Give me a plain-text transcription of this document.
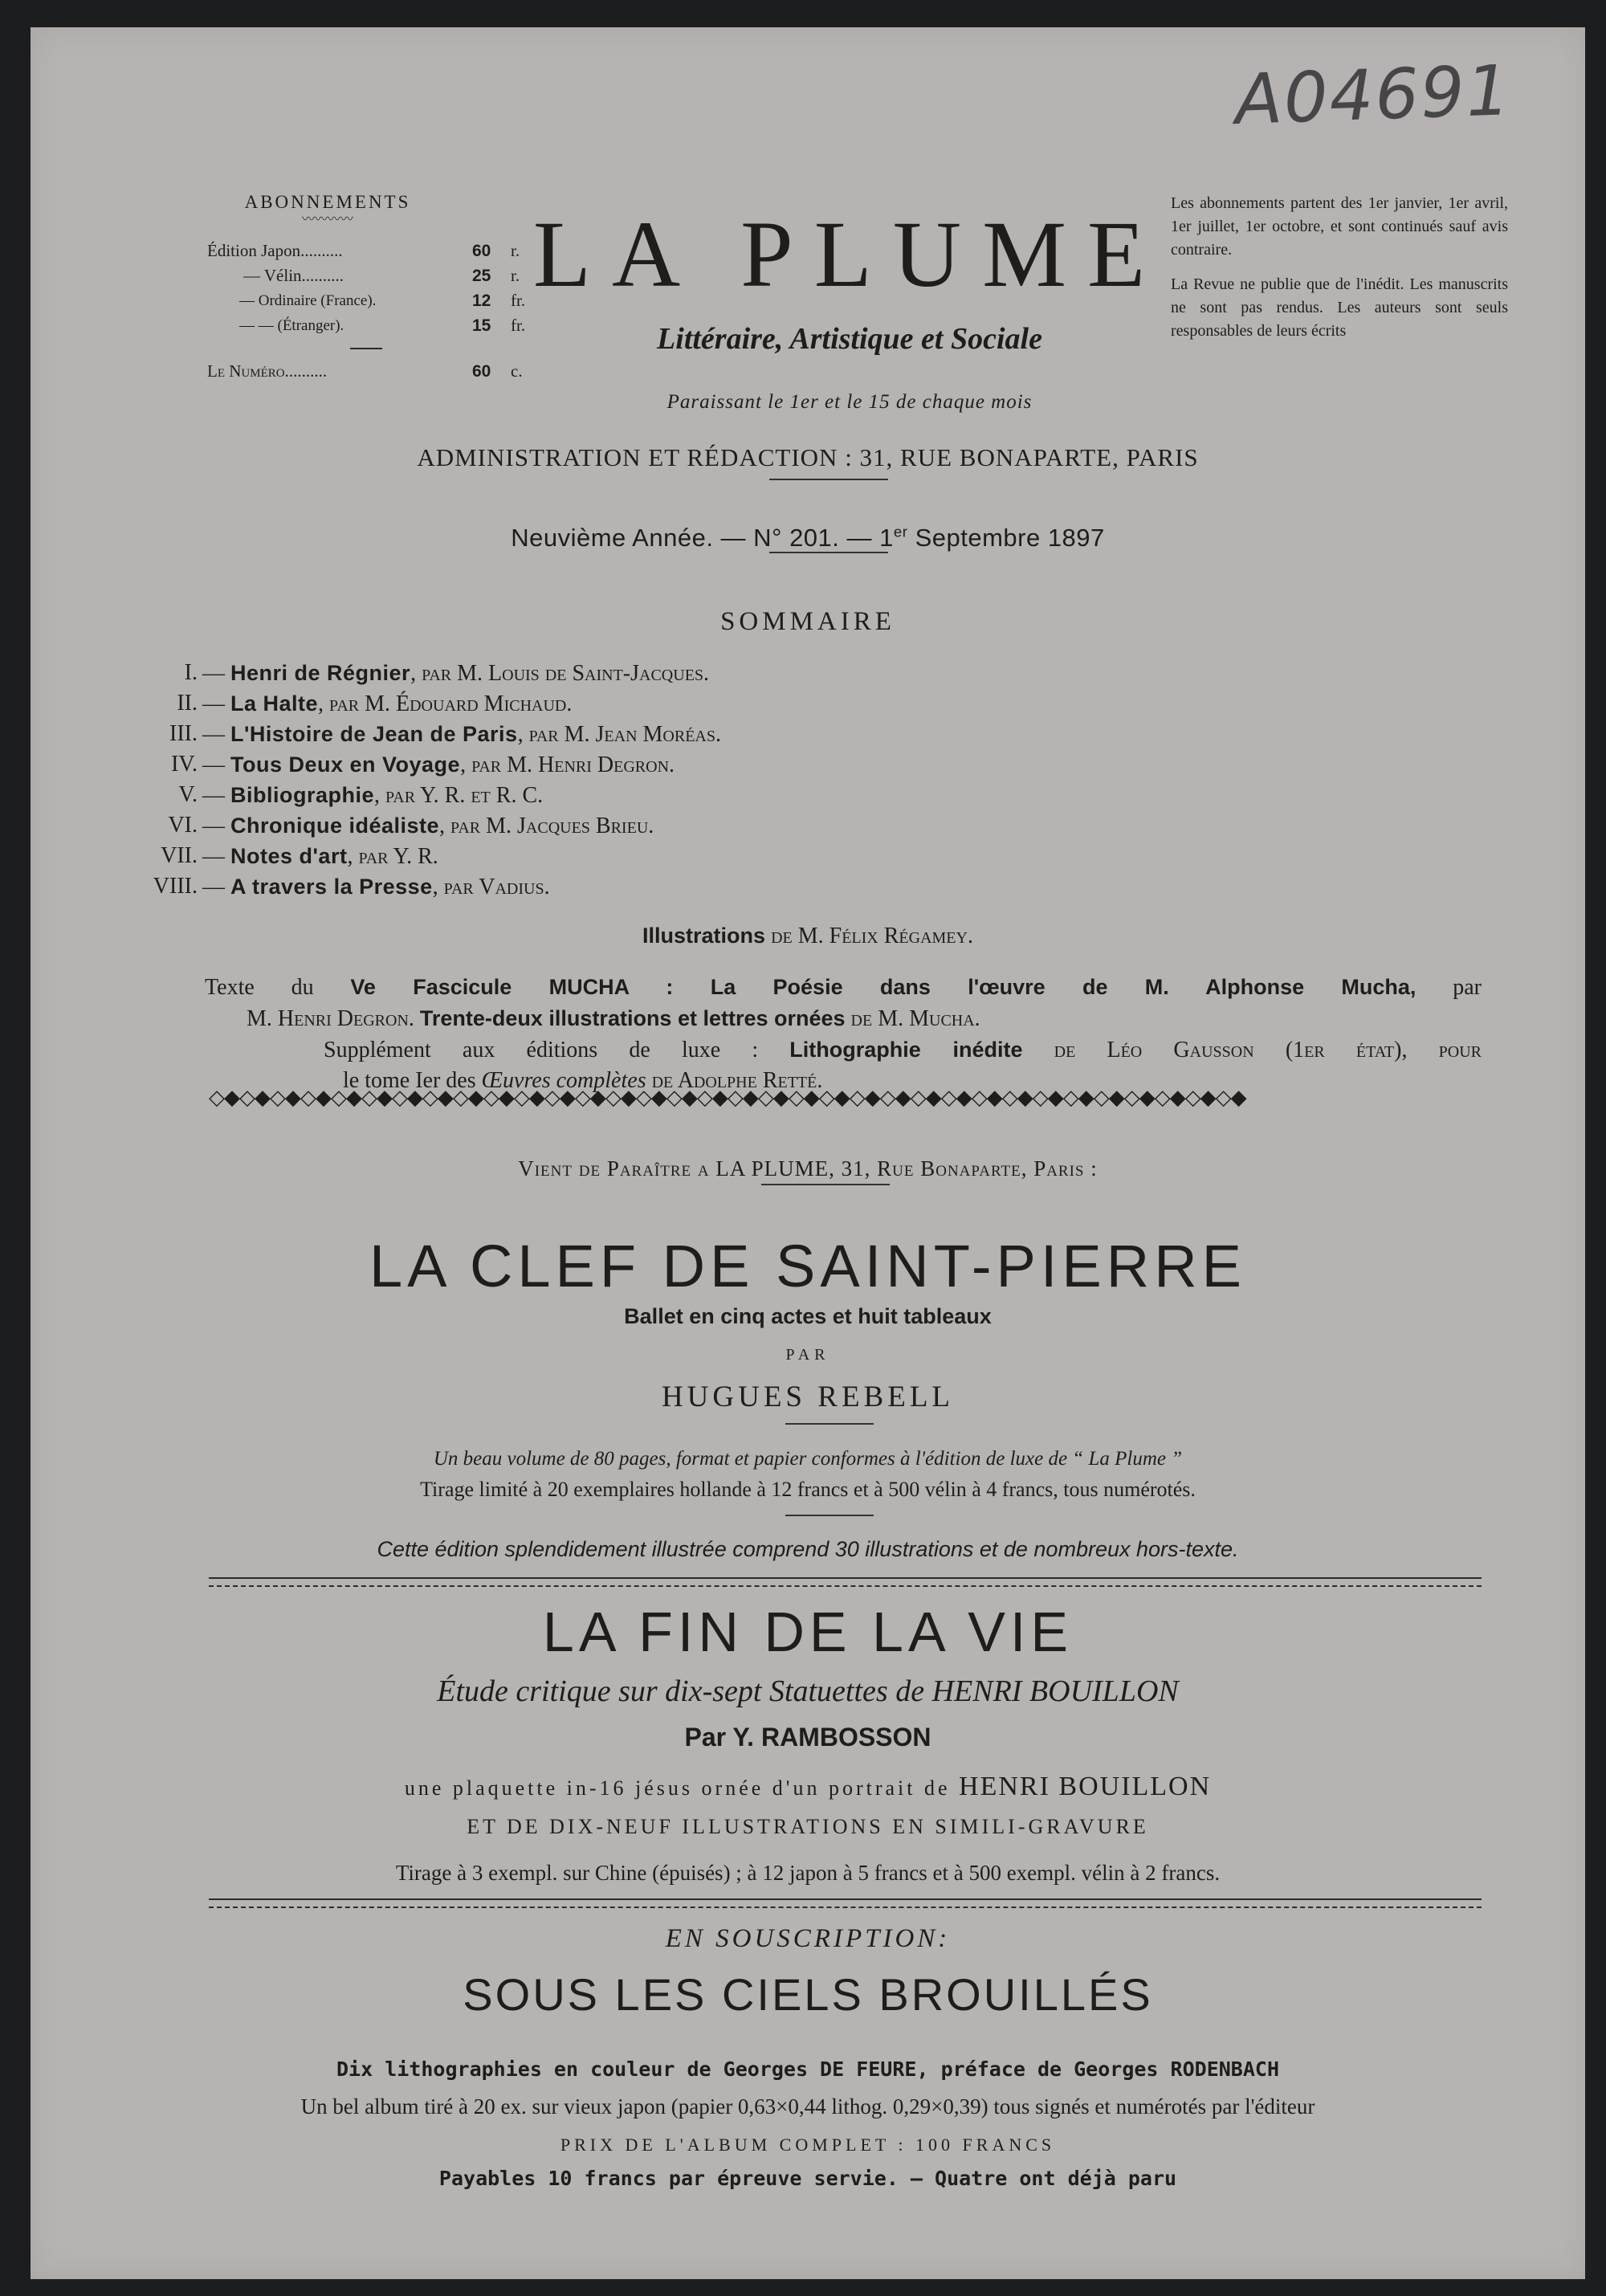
A04691
ABONNEMENTS
〰〰〰〰
Édition Japon..........	60 r.
— Vélin..........	25 r.
— Ordinaire (France).	12 fr.
— — (Étranger).	15 fr.
Le Numéro..........	60 c.
LA PLUME
Littéraire, Artistique et Sociale
Paraissant le 1er et le 15 de chaque mois

Les abonnements partent des 1er janvier, 1er avril, 1er juillet, 1er octobre, et sont continués sauf avis contraire.

La Revue ne publie que de l'inédit. Les manuscrits ne sont pas rendus. Les auteurs sont seuls responsables de leurs écrits

ADMINISTRATION ET RÉDACTION : 31, RUE BONAPARTE, PARIS
Neuvième Année. — N° 201. — 1er Septembre 1897
SOMMAIRE
I. — Henri de Régnier, par M. Louis de Saint-Jacques.
II. — La Halte, par M. Édouard Michaud.
III. — L'Histoire de Jean de Paris, par M. Jean Moréas.
IV. — Tous Deux en Voyage, par M. Henri Degron.
V. — Bibliographie, par Y. R. et R. C.
VI. — Chronique idéaliste, par M. Jacques Brieu.
VII. — Notes d'art, par Y. R.
VIII. — A travers la Presse, par Vadius.
Illustrations de M. Félix Régamey.
Texte du Ve Fascicule MUCHA : La Poésie dans l'œuvre de M. Alphonse Mucha, par
M. Henri Degron. Trente-deux illustrations et lettres ornées de M. Mucha.
Supplément aux éditions de luxe : Lithographie inédite de Léo Gausson (1er état), pour
le tome Ier des Œuvres complètes de Adolphe Retté.
◇◆◇◆◇◆◇◆◇◆◇◆◇◆◇◆◇◆◇◆◇◆◇◆◇◆◇◆◇◆◇◆◇◆◇◆◇◆◇◆◇◆◇◆◇◆◇◆◇◆◇◆◇◆◇◆◇◆◇◆◇◆◇◆◇◆◇◆
Vient de Paraître a LA PLUME, 31, Rue Bonaparte, Paris :
LA CLEF DE SAINT-PIERRE
Ballet en cinq actes et huit tableaux
PAR
HUGUES REBELL
Un beau volume de 80 pages, format et papier conformes à l'édition de luxe de “ La Plume ”
Tirage limité à 20 exemplaires hollande à 12 francs et à 500 vélin à 4 francs, tous numérotés.
Cette édition splendidement illustrée comprend 30 illustrations et de nombreux hors-texte.
LA FIN DE LA VIE
Étude critique sur dix-sept Statuettes de HENRI BOUILLON
Par Y. RAMBOSSON
une plaquette in-16 jésus ornée d'un portrait de HENRI BOUILLON
ET DE DIX-NEUF ILLUSTRATIONS EN SIMILI-GRAVURE
Tirage à 3 exempl. sur Chine (épuisés) ; à 12 japon à 5 francs et à 500 exempl. vélin à 2 francs.
EN SOUSCRIPTION:
SOUS LES CIELS BROUILLÉS
Dix lithographies en couleur de Georges DE FEURE, préface de Georges RODENBACH
Un bel album tiré à 20 ex. sur vieux japon (papier 0,63×0,44 lithog. 0,29×0,39) tous signés et numérotés par l'éditeur
PRIX DE L'ALBUM COMPLET : 100 FRANCS
Payables 10 francs par épreuve servie. — Quatre ont déjà paru
